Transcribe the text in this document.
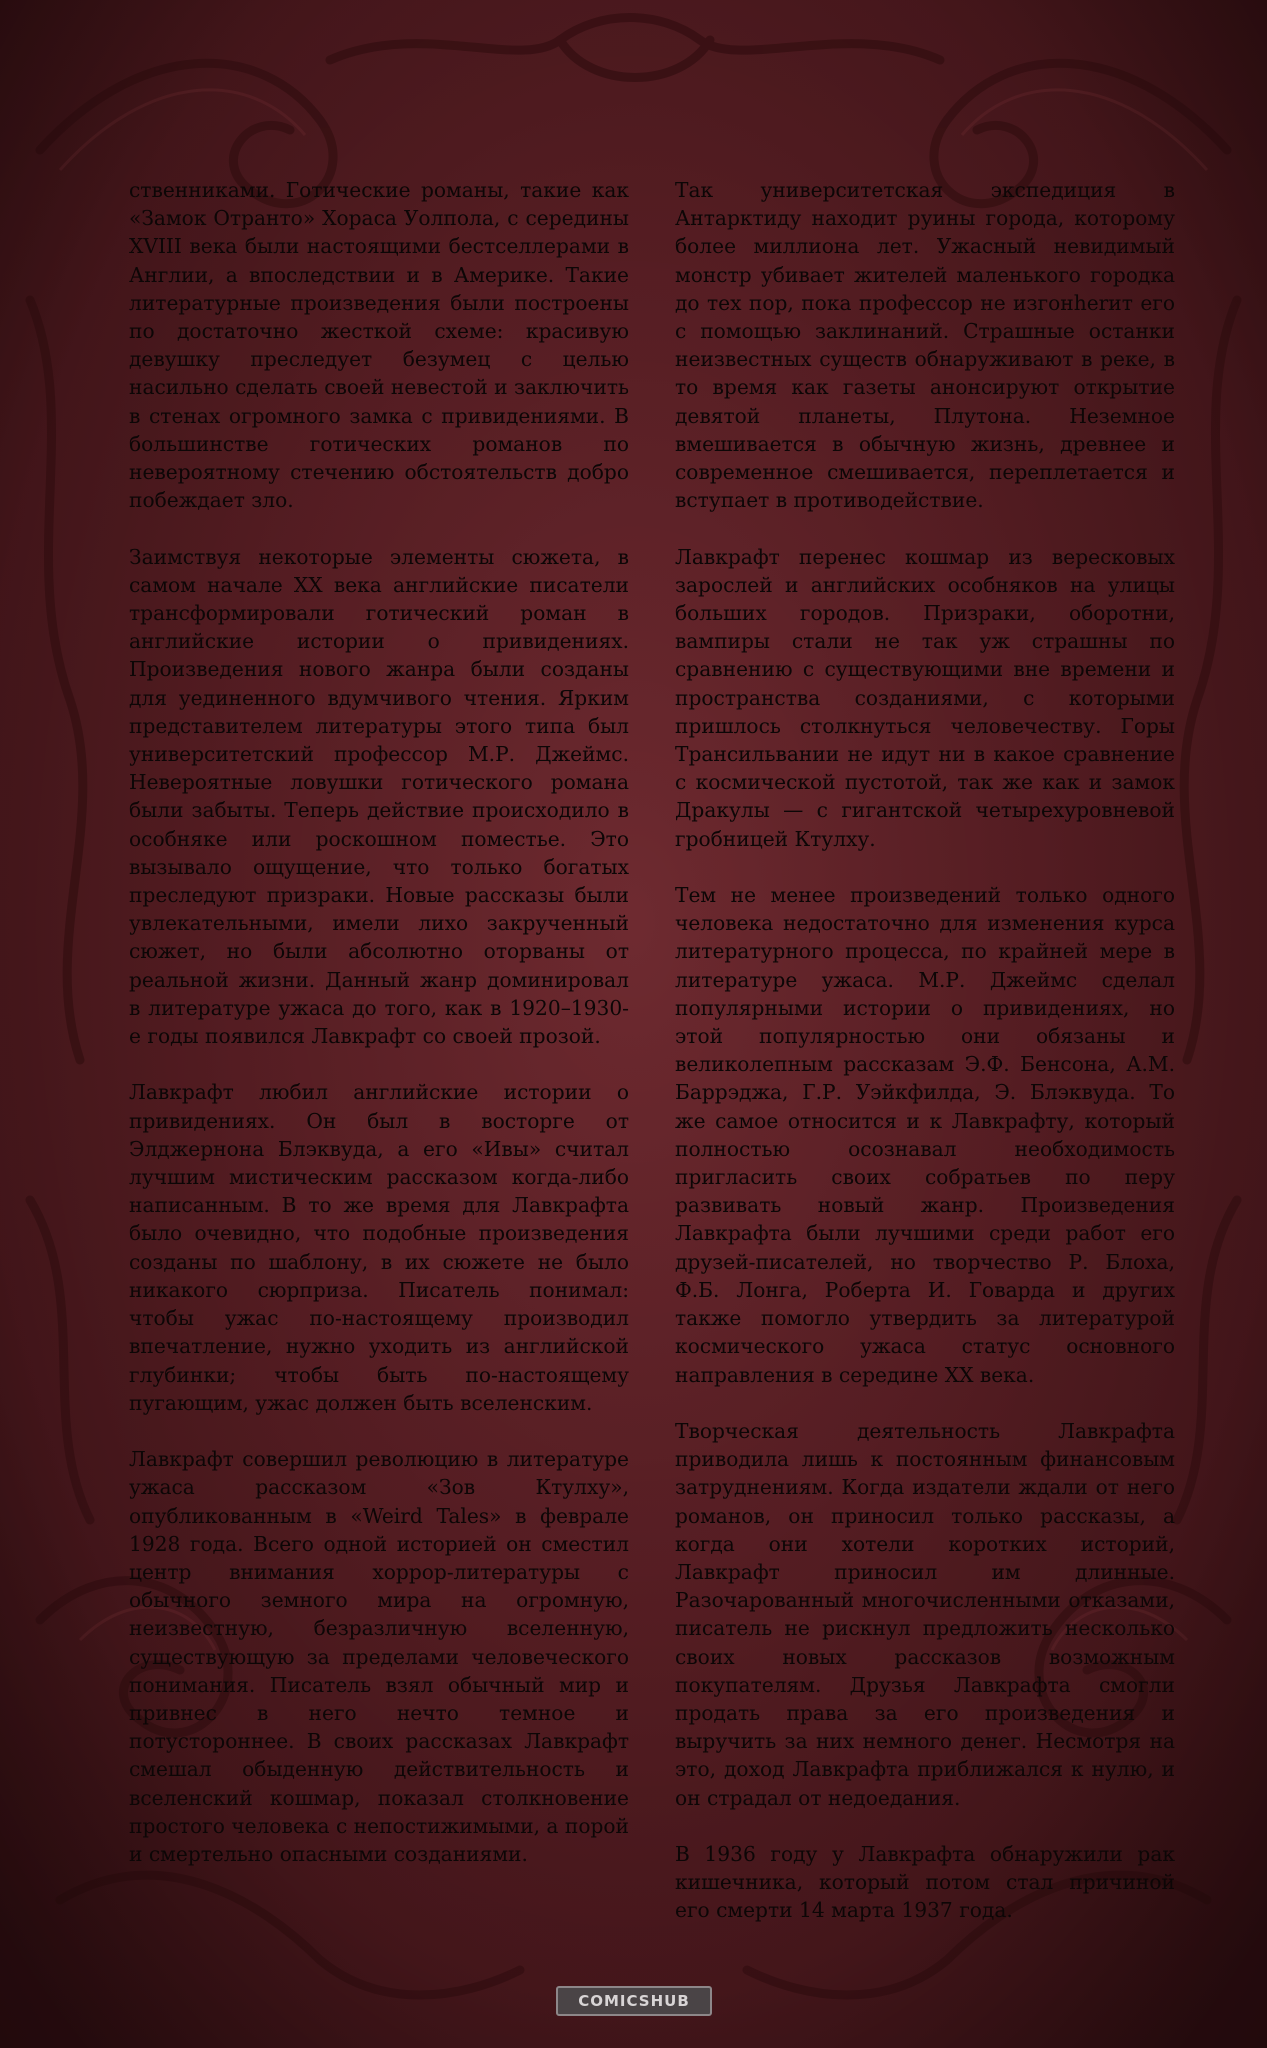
ственниками. Готические романы, такие как «Замок Отранто» Хораса Уолпола, с середины XVIII века были настоящими бестселлерами в Англии, а впоследствии и в Америке. Такие литературные произведения были построены по достаточно жесткой схеме: красивую девушку преследует безумец с целью насильно сделать своей невестой и заключить в стенах огромного замка с привидениями. В большинстве готических романов по невероятному стечению обстоятельств добро побеждает зло.

Заимствуя некоторые элементы сюжета, в самом начале XX века английские писатели трансформировали готический роман в английские истории о привидениях. Произведения нового жанра были созданы для уединенного вдумчивого чтения. Ярким представителем литературы этого типа был университетский профессор М.Р. Джеймс. Невероятные ловушки готического романа были забыты. Теперь действие происходило в особняке или роскошном поместье. Это вызывало ощущение, что только богатых преследуют призраки. Новые рассказы были увлекательными, имели лихо закрученный сюжет, но были абсолютно оторваны от реальной жизни. Данный жанр доминировал в литературе ужаса до того, как в 1920–1930-е годы появился Лавкрафт со своей прозой.

Лавкрафт любил английские истории о привидениях. Он был в восторге от Элджернона Блэквуда, а его «Ивы» считал лучшим мистическим рассказом когда-либо написанным. В то же время для Лавкрафта было очевидно, что подобные произведения созданы по шаблону, в их сюжете не было никакого сюрприза. Писатель понимал: чтобы ужас по-настоящему производил впечатление, нужно уходить из английской глубинки; чтобы быть по-настоящему пугающим, ужас должен быть вселенским.

Лавкрафт совершил революцию в литературе ужаса рассказом «Зов Ктулху», опубликованным в «Weird Tales» в феврале 1928 года. Всего одной историей он сместил центр внимания хоррор-литературы с обычного земного мира на огромную, неизвестную, безразличную вселенную, существующую за пределами человеческого понимания. Писатель взял обычный мир и привнес в него нечто темное и потустороннее. В своих рассказах Лавкрафт смешал обыденную действительность и вселенский кошмар, показал столкновение простого человека с непостижимыми, а порой и смертельно опасными созданиями.

Так университетская экспедиция в Антарктиду находит руины города, которому более миллиона лет. Ужасный невидимый монстр убивает жителей маленького городка до тех пор, пока профессор не изгонherит его с помощью заклинаний. Страшные останки неизвестных существ обнаруживают в реке, в то время как газеты анонсируют открытие девятой планеты, Плутона. Неземное вмешивается в обычную жизнь, древнее и современное смешивается, переплетается и вступает в противодействие.

Лавкрафт перенес кошмар из вересковых зарослей и английских особняков на улицы больших городов. Призраки, оборотни, вампиры стали не так уж страшны по сравнению с существующими вне времени и пространства созданиями, с которыми пришлось столкнуться человечеству. Горы Трансильвании не идут ни в какое сравнение с космической пустотой, так же как и замок Дракулы — с гигантской четырехуровневой гробницей Ктулху.

Тем не менее произведений только одного человека недостаточно для изменения курса литературного процесса, по крайней мере в литературе ужаса. М.Р. Джеймс сделал популярными истории о привидениях, но этой популярностью они обязаны и великолепным рассказам Э.Ф. Бенсона, А.М. Баррэджа, Г.Р. Уэйкфилда, Э. Блэквуда. То же самое относится и к Лавкрафту, который полностью осознавал необходимость пригласить своих собратьев по перу развивать новый жанр. Произведения Лавкрафта были лучшими среди работ его друзей-писателей, но творчество Р. Блоха, Ф.Б. Лонга, Роберта И. Говарда и других также помогло утвердить за литературой космического ужаса статус основного направления в середине XX века.

Творческая деятельность Лавкрафта приводила лишь к постоянным финансовым затруднениям. Когда издатели ждали от него романов, он приносил только рассказы, а когда они хотели коротких историй, Лавкрафт приносил им длинные. Разочарованный многочисленными отказами, писатель не рискнул предложить несколько своих новых рассказов возможным покупателям. Друзья Лавкрафта смогли продать права за его произведения и выручить за них немного денег. Несмотря на это, доход Лавкрафта приближался к нулю, и он страдал от недоедания.

В 1936 году у Лавкрафта обнаружили рак кишечника, который потом стал причиной его смерти 14 марта 1937 года.

COMICSHUB
